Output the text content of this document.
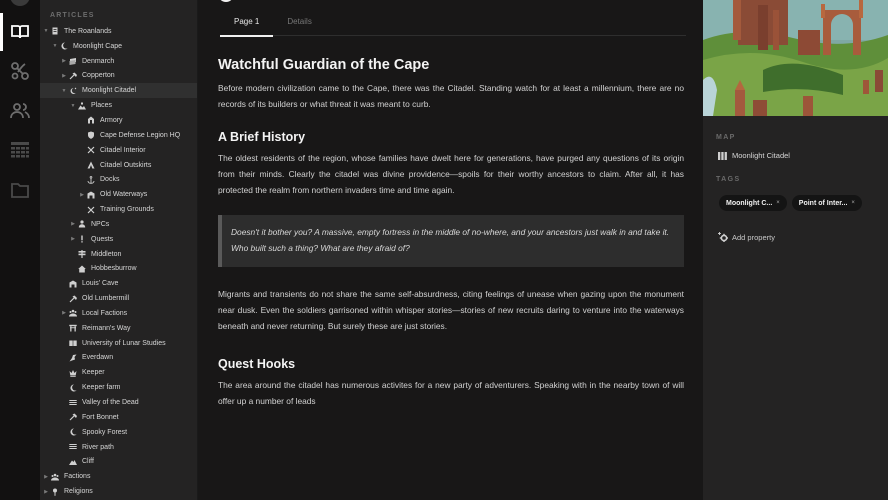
ARTICLES
▼ The Roanlands
▼ Moonlight Cape
▶ Denmarch
▶ Copperton
▼ Moonlight Citadel
▼ Places
Armory
Cape Defense Legion HQ
Citadel Interior
Citadel Outskirts
Docks
▶ Old Waterways
Training Grounds
▶ NPCs
▶ Quests
Middleton
Hobbesburrow
Louis' Cave
Old Lumbermill
▶ Local Factions
Reimann's Way
University of Lunar Studies
Everdawn
Keeper
Keeper farm
Valley of the Dead
Fort Bonnet
Spooky Forest
River path
Cliff
▶ Factions
▶ Religions

Page 1	Details
Watchful Guardian of the Cape

Before modern civilization came to the Cape, there was the Citadel. Standing watch for at least a millennium, there are no records of its builders or what threat it was meant to curb.

A Brief History

The oldest residents of the region, whose families have dwelt here for generations, have purged any questions of its origin from their minds. Clearly the citadel was divine providence—spoils for their worthy ancestors to claim. After all, it has protected the realm from northern invaders time and time again.

Doesn't it bother you? A massive, empty fortress in the middle of no-where, and your ancestors just walk in and take it. Who built such a thing? What are they afraid of?

Migrants and transients do not share the same self-absurdness, citing feelings of unease when gazing upon the monument near dusk. Even the soldiers garrisoned within whisper stories—stories of new recruits daring to venture into the waterways beneath and never returning. But surely these are just stories.

Quest Hooks

The area around the citadel has numerous activites for a new party of adventurers. Speaking with in the nearby town of will offer up a number of leads

MAP
Moonlight Citadel
TAGS
Moonlight C... ×	Point of Inter... ×
Add property
